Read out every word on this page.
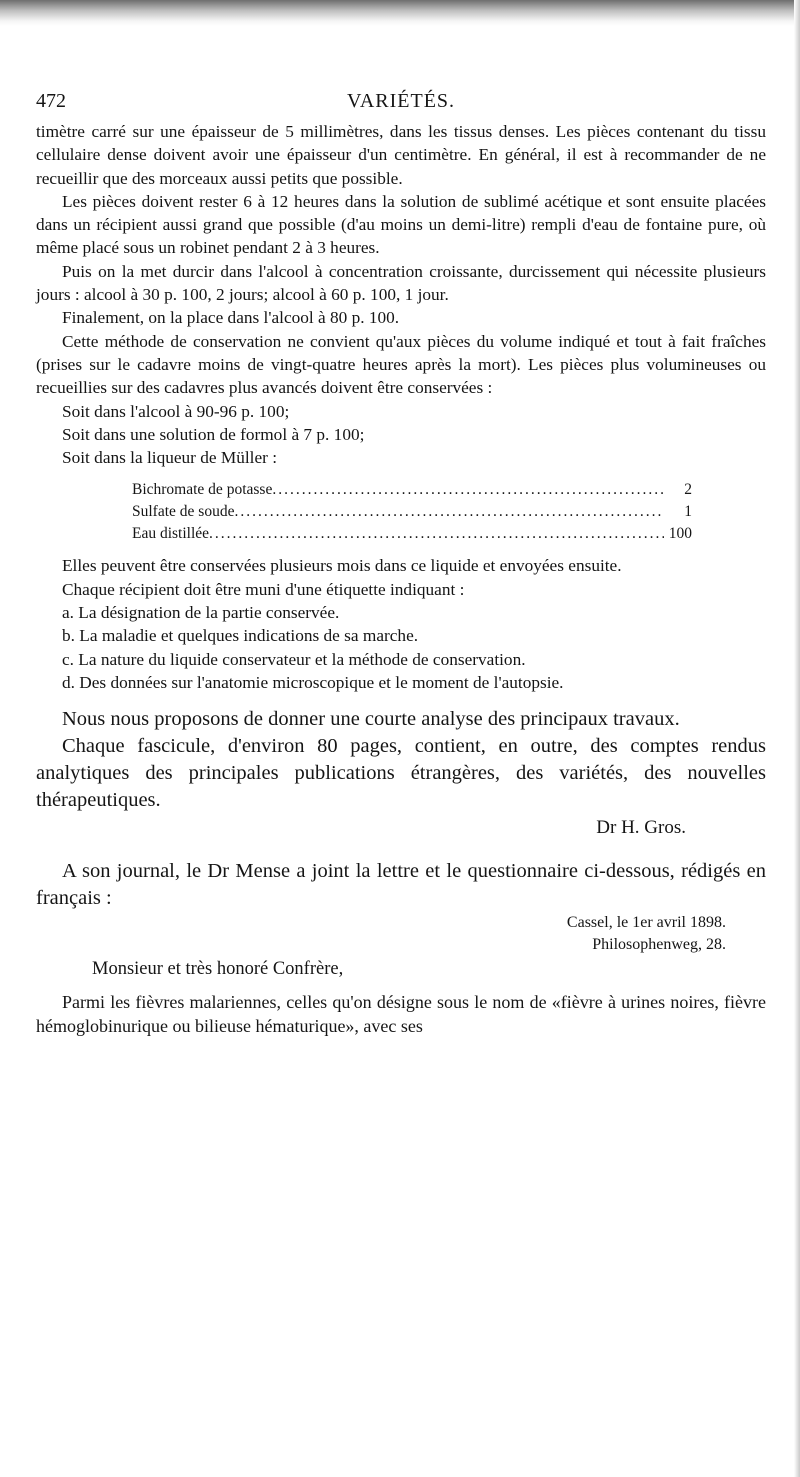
VARIÉTÉS.
472

timètre carré sur une épaisseur de 5 millimètres, dans les tissus denses. Les pièces contenant du tissu cellulaire dense doivent avoir une épaisseur d'un centimètre. En général, il est à recommander de ne recueillir que des morceaux aussi petits que possible.

Les pièces doivent rester 6 à 12 heures dans la solution de sublimé acétique et sont ensuite placées dans un récipient aussi grand que possible (d'au moins un demi-litre) rempli d'eau de fontaine pure, où même placé sous un robinet pendant 2 à 3 heures.

Puis on la met durcir dans l'alcool à concentration croissante, durcissement qui nécessite plusieurs jours : alcool à 30 p. 100, 2 jours; alcool à 60 p. 100, 1 jour.

Finalement, on la place dans l'alcool à 80 p. 100.

Cette méthode de conservation ne convient qu'aux pièces du volume indiqué et tout à fait fraîches (prises sur le cadavre moins de vingt-quatre heures après la mort). Les pièces plus volumineuses ou recueillies sur des cadavres plus avancés doivent être conservées :

Soit dans l'alcool à 90-96 p. 100;

Soit dans une solution de formol à 7 p. 100;

Soit dans la liqueur de Müller :

Bichromate de potasse .....	2
Sulfate de soude .....	1
Eau distillée .....	100

Elles peuvent être conservées plusieurs mois dans ce liquide et envoyées ensuite.

Chaque récipient doit être muni d'une étiquette indiquant :

a. La désignation de la partie conservée.

b. La maladie et quelques indications de sa marche.

c. La nature du liquide conservateur et la méthode de conservation.

d. Des données sur l'anatomie microscopique et le moment de l'autopsie.

Nous nous proposons de donner une courte analyse des principaux travaux.

Chaque fascicule, d'environ 80 pages, contient, en outre, des comptes rendus analytiques des principales publications étrangères, des variétés, des nouvelles thérapeutiques.

Dr H. Gros.

A son journal, le Dr Mense a joint la lettre et le questionnaire ci-dessous, rédigés en français :

Cassel, le 1er avril 1898.
Philosophenweg, 28.

Monsieur et très honoré Confrère,

Parmi les fièvres malariennes, celles qu'on désigne sous le nom de «fièvre à urines noires, fièvre hémoglobinurique ou bilieuse hématurique», avec ses
